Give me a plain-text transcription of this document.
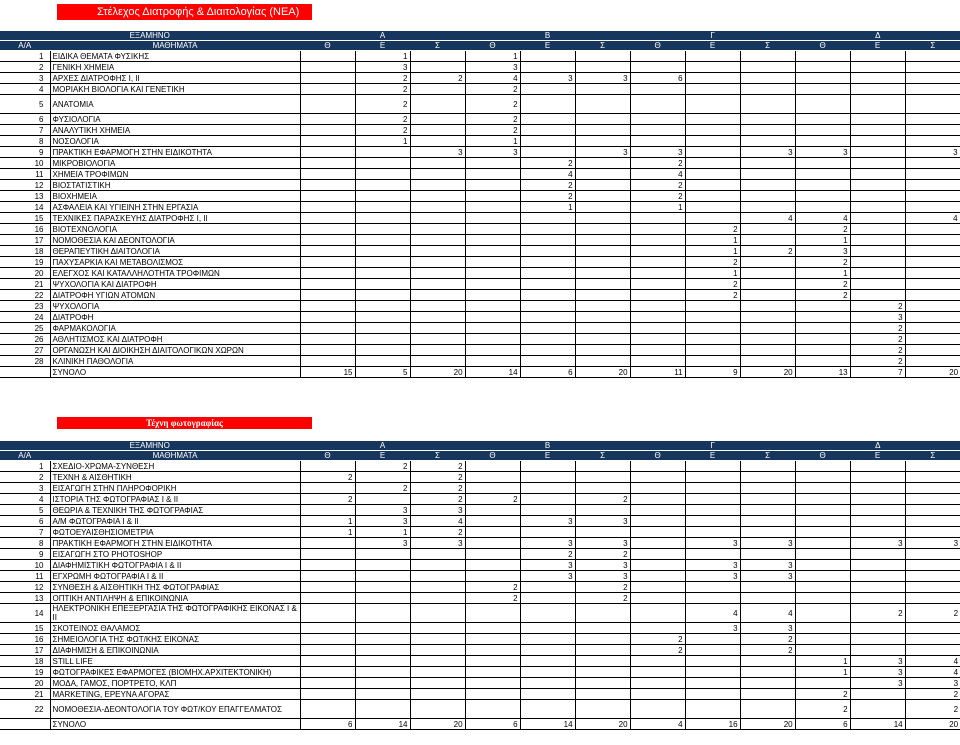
Στέλεχος Διατροφής & Διαιτολογίας (ΝΕΑ)
ΕΞΑΜΗΝΟ		Α			Β			Γ			Δ			
Α/Α	ΜΑΘΗΜΑΤΑ	Θ	Ε	Σ	Θ	Ε	Σ	Θ	Ε	Σ	Θ	Ε	Σ	
1	ΕΙΔΙΚΑ ΘΕΜΑΤΑ ΦΥΣΙΚΗΣ		1		1									
2	ΓΕΝΙΚΗ ΧΗΜΕΙΑ		3		3									
3	ΑΡΧΕΣ ΔΙΑΤΡΟΦΗΣ Ι, ΙΙ		2	2	4	3	3	6						
4	ΜΟΡΙΑΚΗ ΒΙΟΛΟΓΙΑ ΚΑΙ ΓΕΝΕΤΙΚΗ		2		2									
5	ΑΝΑΤΟΜΙΑ		2		2									
6	ΦΥΣΙΟΛΟΓΙΑ		2		2									
7	ΑΝΑΛΥΤΙΚΗ ΧΗΜΕΙΑ		2		2									
8	ΝΟΣΟΛΟΓΙΑ		1		1									
9	ΠΡΑΚΤΙΚΗ ΕΦΑΡΜΟΓΗ ΣΤΗΝ ΕΙΔΙΚΟΤΗΤΑ			3	3		3	3		3	3		3	
10	ΜΙΚΡΟΒΙΟΛΟΓΙΑ					2		2						
11	ΧΗΜΕΙΑ ΤΡΟΦΙΜΩΝ					4		4						
12	ΒΙΟΣΤΑΤΙΣΤΙΚΗ					2		2						
13	ΒΙΟΧΗΜΕΙΑ					2		2						
14	ΑΣΦΑΛΕΙΑ ΚΑΙ ΥΓΙΕΙΝΗ ΣΤΗΝ ΕΡΓΑΣΙΑ					1		1						
15	ΤΕΧΝΙΚΕΣ ΠΑΡΑΣΚΕΥΗΣ ΔΙΑΤΡΟΦΗΣ Ι, ΙΙ									4	4		4	
16	ΒΙΟΤΕΧΝΟΛΟΓΙΑ								2		2			
17	ΝΟΜΟΘΕΣΙΑ ΚΑΙ ΔΕΟΝΤΟΛΟΓΙΑ								1		1			
18	ΘΕΡΑΠΕΥΤΙΚΗ ΔΙΑΙΤΟΛΟΓΙΑ								1	2	3			
19	ΠΑΧΥΣΑΡΚΙΑ ΚΑΙ ΜΕΤΑΒΟΛΙΣΜΟΣ								2		2			
20	ΕΛΕΓΧΟΣ ΚΑΙ ΚΑΤΑΛΛΗΛΟΤΗΤΑ ΤΡΟΦΙΜΩΝ								1		1			
21	ΨΥΧΟΛΟΓΙΑ ΚΑΙ ΔΙΑΤΡΟΦΗ								2		2			
22	ΔΙΑΤΡΟΦΗ ΥΓΙΩΝ ΑΤΟΜΩΝ								2		2			
23	ΨΥΧΟΛΟΓΙΑ											2		
24	ΔΙΑΤΡΟΦΗ											3		
25	ΦΑΡΜΑΚΟΛΟΓΙΑ											2		
26	ΑΘΛΗΤΙΣΜΟΣ ΚΑΙ ΔΙΑΤΡΟΦΗ											2		
27	ΟΡΓΑΝΩΣΗ ΚΑΙ ΔΙΟΙΚΗΣΗ ΔΙΑΙΤΟΛΟΓΙΚΩΝ ΧΩΡΩΝ											2		
28	ΚΛΙΝΙΚΗ ΠΑΘΟΛΟΓΙΑ											2		
	ΣΥΝΟΛΟ	15	5	20	14	6	20	11	9	20	13	7	20	
Τέχνη φωτογραφίας
ΕΞΑΜΗΝΟ		Α			Β			Γ			Δ		
Α/Α	ΜΑΘΗΜΑΤΑ	Θ	Ε	Σ	Θ	Ε	Σ	Θ	Ε	Σ	Θ	Ε	Σ
1	ΣΧΕΔΙΟ-ΧΡΩΜΑ-ΣΥΝΘΕΣΗ		2	2									
2	ΤΕΧΝΗ & ΑΙΣΘΗΤΙΚΗ	2		2									
3	ΕΙΣΑΓΩΓΗ ΣΤΗΝ ΠΛΗΡΟΦΟΡΙΚΗ		2	2									
4	ΙΣΤΟΡΙΑ ΤΗΣ ΦΩΤΟΓΡΑΦΙΑΣ Ι & ΙΙ	2		2	2		2						
5	ΘΕΩΡΙΑ & ΤΕΧΝΙΚΗ ΤΗΣ ΦΩΤΟΓΡΑΦΙΑΣ		3	3									
6	Α/Μ ΦΩΤΟΓΡΑΦΙΑ Ι & ΙΙ	1	3	4		3	3						
7	ΦΩΤΟΕΥΑΙΣΘΗΣΙΟΜΕΤΡΙΑ	1	1	2									
8	ΠΡΑΚΤΙΚΗ ΕΦΑΡΜΟΓΗ ΣΤΗΝ ΕΙΔΙΚΟΤΗΤΑ		3	3		3	3		3	3		3	3
9	ΕΙΣΑΓΩΓΗ ΣΤΟ PHOTOSHOP					2	2						
10	ΔΙΑΦΗΜΙΣΤΙΚΗ ΦΩΤΟΓΡΑΦΙΑ Ι & ΙΙ					3	3		3	3			
11	ΕΓΧΡΩΜΗ ΦΩΤΟΓΡΑΦΙΑ Ι & ΙΙ					3	3		3	3			
12	ΣΥΝΘΕΣΗ & ΑΙΣΘΗΤΙΚΗ ΤΗΣ ΦΩΤΟΓΡΑΦΙΑΣ				2		2						
13	ΟΠΤΙΚΗ ΑΝΤΙΛΗΨΗ & ΕΠΙΚΟΙΝΩΝΙΑ				2		2						
14	ΗΛΕΚΤΡΟΝΙΚΗ ΕΠΕΞΕΡΓΑΣΙΑ ΤΗΣ ΦΩΤΟΓΡΑΦΙΚΗΣ ΕΙΚΟΝΑΣ Ι & ΙΙ								4	4		2	2
15	ΣΚΟΤΕΙΝΟΣ ΘΑΛΑΜΟΣ								3	3			
16	ΣΗΜΕΙΟΛΟΓΙΑ ΤΗΣ ΦΩΤ/ΚΗΣ ΕΙΚΟΝΑΣ							2		2			
17	ΔΙΑΦΗΜΙΣΗ & ΕΠΙΚΟΙΝΩΝΙΑ							2		2			
18	STILL LIFE										1	3	4
19	ΦΩΤΟΓΡΑΦΙΚΕΣ ΕΦΑΡΜΟΓΕΣ (ΒΙΟΜΗΧ.ΑΡΧΙΤΕΚΤΟΝΙΚΗ)										1	3	4
20	ΜΟΔΑ, ΓΑΜΟΣ, ΠΟΡΤΡΕΤΟ, ΚΛΠ											3	3
21	MARKETING, ΕΡΕΥΝΑ ΑΓΟΡΑΣ										2		2
22	ΝΟΜΟΘΕΣΙΑ-ΔΕΟΝΤΟΛΟΓΙΑ ΤΟΥ ΦΩΤ/ΚΟΥ ΕΠΑΓΓΕΛΜΑΤΟΣ										2		2
	ΣΥΝΟΛΟ	6	14	20	6	14	20	4	16	20	6	14	20
